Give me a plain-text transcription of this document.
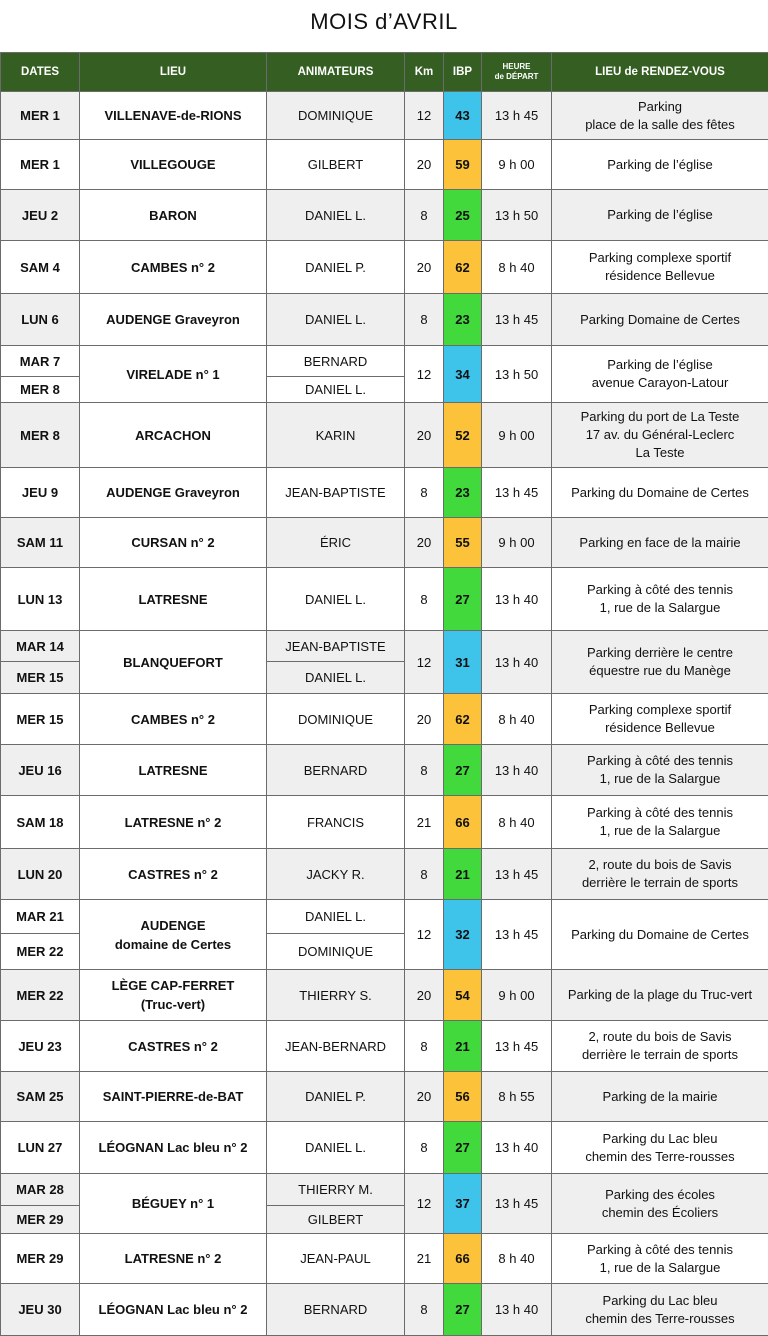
MOIS d’AVRIL
DATES	LIEU	ANIMATEURS	Km	IBP	HEURE
de DÉPART	LIEU de RENDEZ-VOUS
MER 1	VILLENAVE-de-RIONS	DOMINIQUE	12	43	13 h 45	Parking
place de la salle des fêtes
MER 1	VILLEGOUGE	GILBERT	20	59	9 h 00	Parking de l’église
JEU 2	BARON	DANIEL L.	8	25	13 h 50	Parking de l’église
SAM 4	CAMBES n° 2	DANIEL P.	20	62	8 h 40	Parking complexe sportif
résidence Bellevue
LUN 6	AUDENGE Graveyron	DANIEL L.	8	23	13 h 45	Parking Domaine de Certes
MAR 7	VIRELADE n° 1	BERNARD	12	34	13 h 50	Parking de l’église
avenue Carayon-Latour
MER 8		DANIEL L.				
MER 8	ARCACHON	KARIN	20	52	9 h 00	Parking du port de La Teste
17 av. du Général-Leclerc
La Teste
JEU 9	AUDENGE Graveyron	JEAN-BAPTISTE	8	23	13 h 45	Parking du Domaine de Certes
SAM 11	CURSAN n° 2	ÉRIC	20	55	9 h 00	Parking en face de la mairie
LUN 13	LATRESNE	DANIEL L.	8	27	13 h 40	Parking à côté des tennis
1, rue de la Salargue
MAR 14	BLANQUEFORT	JEAN-BAPTISTE	12	31	13 h 40	Parking derrière le centre
équestre rue du Manège
MER 15		DANIEL L.				
MER 15	CAMBES n° 2	DOMINIQUE	20	62	8 h 40	Parking complexe sportif
résidence Bellevue
JEU 16	LATRESNE	BERNARD	8	27	13 h 40	Parking à côté des tennis
1, rue de la Salargue
SAM 18	LATRESNE n° 2	FRANCIS	21	66	8 h 40	Parking à côté des tennis
1, rue de la Salargue
LUN 20	CASTRES n° 2	JACKY R.	8	21	13 h 45	2, route du bois de Savis
derrière le terrain de sports
MAR 21	AUDENGE
domaine de Certes	DANIEL L.	12	32	13 h 45	Parking du Domaine de Certes
MER 22		DOMINIQUE				
MER 22	LÈGE CAP-FERRET
(Truc-vert)	THIERRY S.	20	54	9 h 00	Parking de la plage du Truc-vert
JEU 23	CASTRES n° 2	JEAN-BERNARD	8	21	13 h 45	2, route du bois de Savis
derrière le terrain de sports
SAM 25	SAINT-PIERRE-de-BAT	DANIEL P.	20	56	8 h 55	Parking de la mairie
LUN 27	LÉOGNAN Lac bleu n° 2	DANIEL L.	8	27	13 h 40	Parking du Lac bleu
chemin des Terre-rousses
MAR 28	BÉGUEY n° 1	THIERRY M.	12	37	13 h 45	Parking des écoles
chemin des Écoliers
MER 29		GILBERT				
MER 29	LATRESNE n° 2	JEAN-PAUL	21	66	8 h 40	Parking à côté des tennis
1, rue de la Salargue
JEU 30	LÉOGNAN Lac bleu n° 2	BERNARD	8	27	13 h 40	Parking du Lac bleu
chemin des Terre-rousses
